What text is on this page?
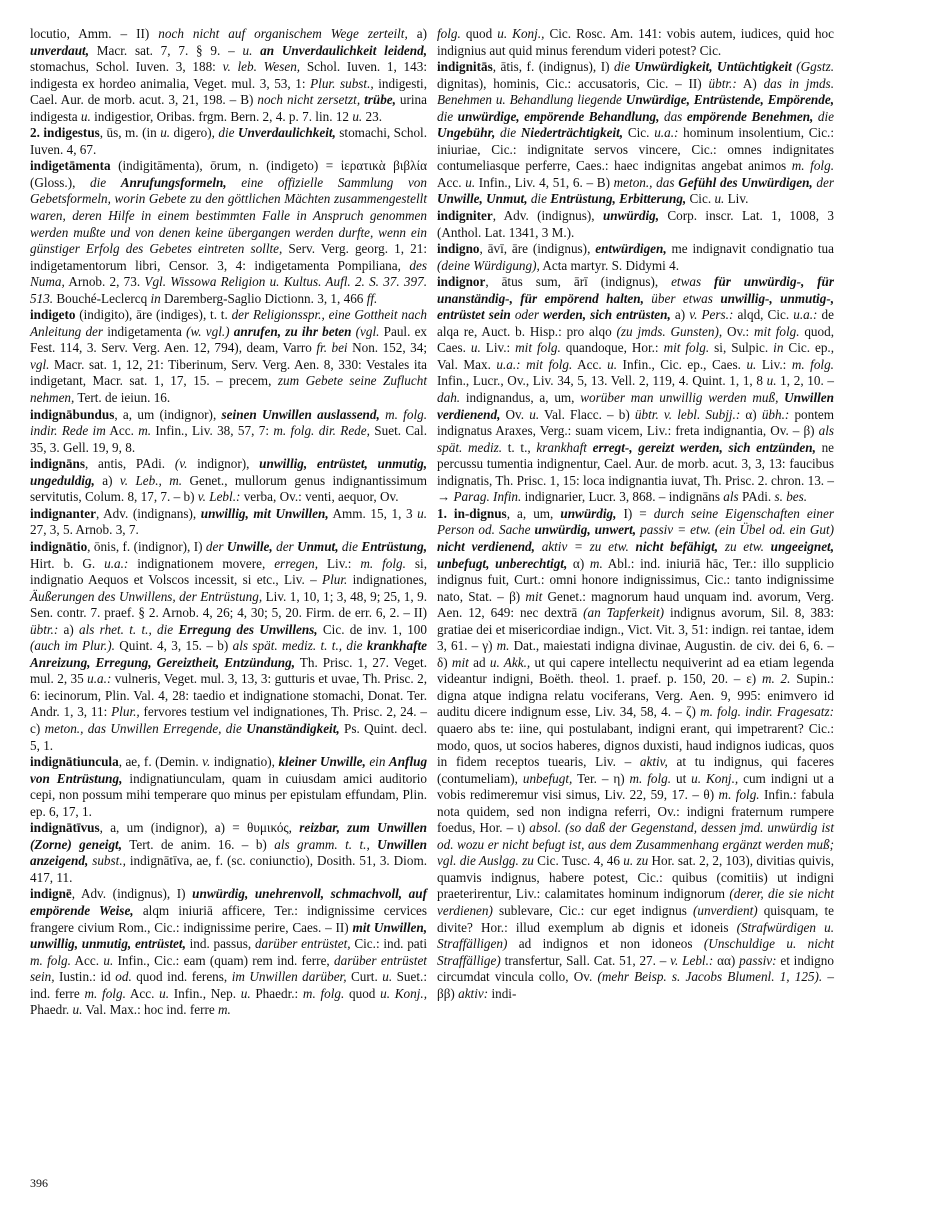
locutio, Amm. – II) noch nicht auf organischem Wege zerteilt, a) unverdaut, Macr. sat. 7, 7. § 9. – u. an Unverdaulichkeit leidend, stomachus, Schol. Iuven. 3, 188: v. leb. Wesen, Schol. Iuven. 1, 143: indigesta ex hordeo animalia, Veget. mul. 3, 53, 1: Plur. subst., indigesti, Cael. Aur. de morb. acut. 3, 21, 198. – B) noch nicht zersetzt, trübe, urina indigesta u. indigestior, Oribas. frgm. Bern. 2, 4. p. 7. lin. 12 u. 23.

2. indigestus, ūs, m. (in u. digero), die Unverdaulichkeit, stomachi, Schol. Iuven. 4, 67.

indigetāmenta (indigitāmenta), ōrum, n. (indigeto) = ἱερατικὰ βιβλία (Gloss.), die Anrufungsformeln, eine offizielle Sammlung von Gebetsformeln, worin Gebete zu den göttlichen Mächten zusammengestellt waren, deren Hilfe in einem bestimmten Falle in Anspruch genommen werden mußte und von denen keine übergangen werden durfte, wenn ein günstiger Erfolg des Gebetes eintreten sollte, Serv. Verg. georg. 1, 21: indigetamentorum libri, Censor. 3, 4: indigetamenta Pompiliana, des Numa, Arnob. 2, 73. Vgl. Wissowa Religion u. Kultus. Aufl. 2. S. 37. 397. 513. Bouché-Leclercq in Daremberg-Saglio Dictionn. 3, 1, 466 ff.

indigeto (indigito), āre (indiges), t. t. der Religionsspr., eine Gottheit nach Anleitung der indigetamenta (w. vgl.) anrufen, zu ihr beten (vgl. Paul. ex Fest. 114, 3. Serv. Verg. Aen. 12, 794), deam, Varro fr. bei Non. 152, 34; vgl. Macr. sat. 1, 12, 21: Tiberinum, Serv. Verg. Aen. 8, 330: Vestales ita indigetant, Macr. sat. 1, 17, 15. – precem, zum Gebete seine Zuflucht nehmen, Tert. de ieiun. 16.

indignābundus, a, um (indignor), seinen Unwillen auslassend, m. folg. indir. Rede im Acc. m. Infin., Liv. 38, 57, 7: m. folg. dir. Rede, Suet. Cal. 35, 3. Gell. 19, 9, 8.

indignāns, antis, PAdi. (v. indignor), unwillig, entrüstet, unmutig, ungeduldig, a) v. Leb., m. Genet., mullorum genus indignantissimum servitutis, Colum. 8, 17, 7. – b) v. Lebl.: verba, Ov.: venti, aequor, Ov.

indignanter, Adv. (indignans), unwillig, mit Unwillen, Amm. 15, 1, 3 u. 27, 3, 5. Arnob. 3, 7.

indignātio, ōnis, f. (indignor), I) der Unwille, der Unmut, die Entrüstung, Hirt. b. G. u.a.: indignationem movere, erregen, Liv.: m. folg. si, indignatio Aequos et Volscos incessit, si etc., Liv. – Plur. indignationes, Äußerungen des Unwillens, der Entrüstung, Liv. 1, 10, 1; 3, 48, 9; 25, 1, 9. Sen. contr. 7. praef. § 2. Arnob. 4, 26; 4, 30; 5, 20. Firm. de err. 6, 2. – II) übtr.: a) als rhet. t. t., die Erregung des Unwillens, Cic. de inv. 1, 100 (auch im Plur.). Quint. 4, 3, 15. – b) als spät. mediz. t. t., die krankhafte Anreizung, Erregung, Gereiztheit, Entzündung, Th. Prisc. 1, 27. Veget. mul. 2, 35 u.a.: vulneris, Veget. mul. 3, 13, 3: gutturis et uvae, Th. Prisc. 2, 6: iecinorum, Plin. Val. 4, 28: taedio et indignatione stomachi, Donat. Ter. Andr. 1, 3, 11: Plur., fervores testium vel indignationes, Th. Prisc. 2, 24. – c) meton., das Unwillen Erregende, die Unanständigkeit, Ps. Quint. decl. 5, 1.

indignātiuncula, ae, f. (Demin. v. indignatio), kleiner Unwille, ein Anflug von Entrüstung, indignatiunculam, quam in cuiusdam amici auditorio cepi, non possum mihi temperare quo minus per epistulam effundam, Plin. ep. 6, 17, 1.

indignātīvus, a, um (indignor), a) = θυμικός, reizbar, zum Unwillen (Zorne) geneigt, Tert. de anim. 16. – b) als gramm. t. t., Unwillen anzeigend, subst., indignātīva, ae, f. (sc. coniunctio), Dosith. 51, 3. Diom. 417, 11.

indignē, Adv. (indignus), I) unwürdig, unehrenvoll, schmachvoll, auf empörende Weise, alqm iniuriā afficere, Ter.: indignissime cervices frangere civium Rom., Cic.: indignissime perire, Caes. – II) mit Unwillen, unwillig, unmutig, entrüstet, ind. passus, darüber entrüstet, Cic.: ind. pati m. folg. Acc. u. Infin., Cic.: eam (quam) rem ind. ferre, darüber entrüstet sein, Iustin.: id od. quod ind. ferens, im Unwillen darüber, Curt. u. Suet.: ind. ferre m. folg. Acc. u. Infin., Nep. u. Phaedr.: m. folg. quod u. Konj., Phaedr. u. Val. Max.: hoc ind. ferre m.

folg. quod u. Konj., Cic. Rosc. Am. 141: vobis autem, iudices, quid hoc indignius aut quid minus ferendum videri potest? Cic.

indignitās, ātis, f. (indignus), I) die Unwürdigkeit, Untüchtigkeit (Ggstz. dignitas), hominis, Cic.: accusatoris, Cic. – II) übtr.: A) das in jmds. Benehmen u. Behandlung liegende Unwürdige, Entrüstende, Empörende, die unwürdige, empörende Behandlung, das empörende Benehmen, die Ungebühr, die Niederträchtigkeit, Cic. u.a.: hominum insolentium, Cic.: iniuriae, Cic.: indignitate servos vincere, Cic.: omnes indignitates contumeliasque perferre, Caes.: haec indignitas angebat animos m. folg. Acc. u. Infin., Liv. 4, 51, 6. – B) meton., das Gefühl des Unwürdigen, der Unwille, Unmut, die Entrüstung, Erbitterung, Cic. u. Liv.

indigniter, Adv. (indignus), unwürdig, Corp. inscr. Lat. 1, 1008, 3 (Anthol. Lat. 1341, 3 M.).

indigno, āvī, āre (indignus), entwürdigen, me indignavit condignatio tua (deine Würdigung), Acta martyr. S. Didymi 4.

indignor, ātus sum, ārī (indignus), etwas für unwürdig-, für unanständig-, für empörend halten, über etwas unwillig-, unmutig-, entrüstet sein oder werden, sich entrüsten, a) v. Pers.: alqd, Cic. u.a.: de alqa re, Auct. b. Hisp.: pro alqo (zu jmds. Gunsten), Ov.: mit folg. quod, Caes. u. Liv.: mit folg. quandoque, Hor.: mit folg. si, Sulpic. in Cic. ep., Val. Max. u.a.: mit folg. Acc. u. Infin., Cic. ep., Caes. u. Liv.: m. folg. Infin., Lucr., Ov., Liv. 34, 5, 13. Vell. 2, 119, 4. Quint. 1, 1, 8 u. 1, 2, 10. – dah. indignandus, a, um, worüber man unwillig werden muß, Unwillen verdienend, Ov. u. Val. Flacc. – b) übtr. v. lebl. Subjj.: α) übh.: pontem indignatus Araxes, Verg.: suam vicem, Liv.: freta indignantia, Ov. – β) als spät. mediz. t. t., krankhaft erregt-, gereizt werden, sich entzünden, ne percussu tumentia indignentur, Cael. Aur. de morb. acut. 3, 3, 13: faucibus indignatis, Th. Prisc. 1, 15: loca indignantia iuvat, Th. Prisc. 2. chron. 13. – → Parag. Infin. indignarier, Lucr. 3, 868. – indignāns als PAdi. s. bes.

1. in-dignus, a, um, unwürdig, I) = durch seine Eigenschaften einer Person od. Sache unwürdig, unwert, passiv = etw. (ein Übel od. ein Gut) nicht verdienend, aktiv = zu etw. nicht befähigt, zu etw. ungeeignet, unbefugt, unberechtigt, α) m. Abl.: ind. iniuriā hāc, Ter.: illo supplicio indignus fuit, Curt.: omni honore indignissimus, Cic.: tanto indignissime nato, Stat. – β) mit Genet.: magnorum haud unquam ind. avorum, Verg. Aen. 12, 649: nec dextrā (an Tapferkeit) indignus avorum, Sil. 8, 383: gratiae dei et misericordiae indign., Vict. Vit. 3, 51: indign. rei tantae, idem 3, 61. – γ) m. Dat., maiestati indigna divinae, Augustin. de civ. dei 6, 6. – δ) mit ad u. Akk., ut qui capere intellectu nequiverint ad ea etiam legenda videantur indigni, Boëth. theol. 1. praef. p. 150, 20. – ε) m. 2. Supin.: digna atque indigna relatu vociferans, Verg. Aen. 9, 995: enimvero id auditu dicere indignum esse, Liv. 34, 58, 4. – ζ) m. folg. indir. Fragesatz: quaero abs te: iine, qui postulabant, indigni erant, qui impetrarent? Cic.: modo, quos, ut socios haberes, dignos duxisti, haud indignos iudicas, quos in fidem receptos tuearis, Liv. – aktiv, at tu indignus, qui faceres (contumeliam), unbefugt, Ter. – η) m. folg. ut u. Konj., cum indigni ut a vobis redimeremur visi simus, Liv. 22, 59, 17. – θ) m. folg. Infin.: fabula nota quidem, sed non indigna referri, Ov.: indigni fraternum rumpere foedus, Hor. – ι) absol. (so daß der Gegenstand, dessen jmd. unwürdig ist od. wozu er nicht befugt ist, aus dem Zusammenhang ergänzt werden muß; vgl. die Auslgg. zu Cic. Tusc. 4, 46 u. zu Hor. sat. 2, 2, 103), divitias quivis, quamvis indignus, habere potest, Cic.: quibus (comitiis) ut indigni praeterirentur, Liv.: calamitates hominum indignorum (derer, die sie nicht verdienen) sublevare, Cic.: cur eget indignus (unverdient) quisquam, te divite? Hor.: illud exemplum ab dignis et idoneis (Strafwürdigen u. Straffälligen) ad indignos et non idoneos (Unschuldige u. nicht Straffällige) transfertur, Sall. Cat. 51, 27. – v. Lebl.: αα) passiv: et indigno circumdat vincula collo, Ov. (mehr Beisp. s. Jacobs Blumenl. 1, 125). – ββ) aktiv: indi-

396
